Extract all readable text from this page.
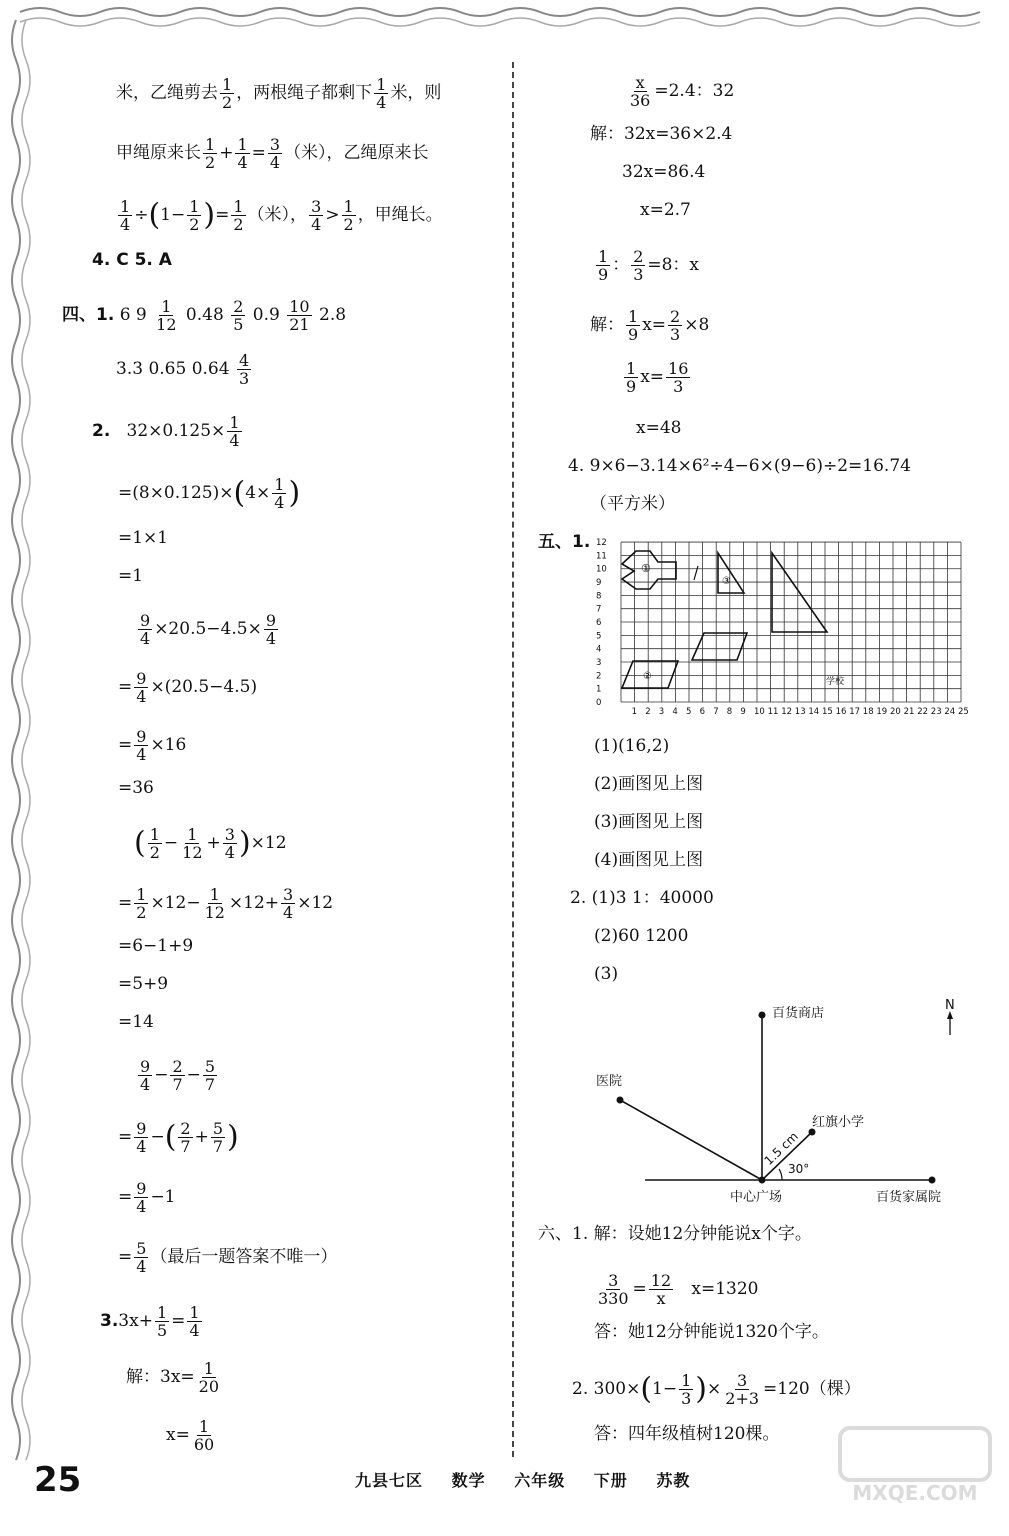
米，乙绳剪去 $\frac{1}{2}$ ，两根绳子都剩下 $\frac{1}{4}$ 米，则
甲绳原来长 $\frac{1}{2} + \frac{1}{4} = \frac{3}{4}$ （米），乙绳原来长
$\frac{1}{4} \div(1- \frac{1}{2}$ )= $\frac{1}{2}$ （米）， $\frac{3}{4} > \frac{1}{2}$ ，甲绳长。
4. C 5. A
四、1. 6 $9 \frac{1}{12} 0.48 \frac{2}{5} 0.9 \frac{10}{21} 2.8$
3.3 0.65 $0.64 \frac{4}{3}$
2. $32\times 0.125\times \frac{1}{4}$
$=(8\times 0.125)\times(4\times \frac{1}{4}$ )
=1×1
=1
$\frac{9}{4} \times 20.5-4.5\times \frac{9}{4}$
= $\frac{9}{4} \times(20.5-4.5)$
= $\frac{9}{4} \times 16$
=36
( $\frac{1}{2} - \frac{1}{12} + \frac{3}{4} )\times 12$
= $\frac{1}{2} \times 12- \frac{1}{12} \times 12+ \frac{3}{4} \times 12$
=6−1+9
=5+9
=14
$\frac{9}{4} - \frac{2}{7} - \frac{5}{7}$
= $\frac{9}{4}$ −( $\frac{2}{7} + \frac{5}{7}$ )
= $\frac{9}{4} -1$
= $\frac{5}{4}$ （最后一题答案不唯一）
$3.3x+ \frac{1}{5} = \frac{1}{4}$
解：$3x= \frac{1}{20}$
$x= \frac{1}{60}$
$\frac{x}{36} =2.4$：32
解：32x=36×2.4
32x=86.4
x=2.7
$\frac{1}{9}$ ： $\frac{2}{3} =8$：x
解： $\frac{1}{9} x= \frac{2}{3} \times 8$
$\frac{1}{9} x= \frac{16}{3}$
x=48
4. 9×6−3.14×6²÷4−6×(9−6)÷2=16.74
（平方米）
五、1.
1 2 3 4 5 6 7 8 9 10 11 12 13 14 15 16 17 18 19 20 21 22 23 24 25
0
1
2
3
4
5
6
7
8
9
10
11
12
①
③
②	学校
(1)(16,2)
(2)画图见上图
(3)画图见上图
(4)画图见上图
2. (1)3 1：40000
(2)60 1200
(3)
百货商店
N
医院
红旗小学
1.5 cm
30°
中心广场	百货家属院
六、1. 解：设她12分钟能说x个字。
$\frac{3}{330} = \frac{12}{x} x=1320$
答：她12分钟能说1320个字。
2. $300\times(1- \frac{1}{3}$ )× $\frac{3}{2+3} =120$（棵）
答：四年级植树120棵。
25	九县七区 数学 六年级 下册 苏教
MXQE.COM
